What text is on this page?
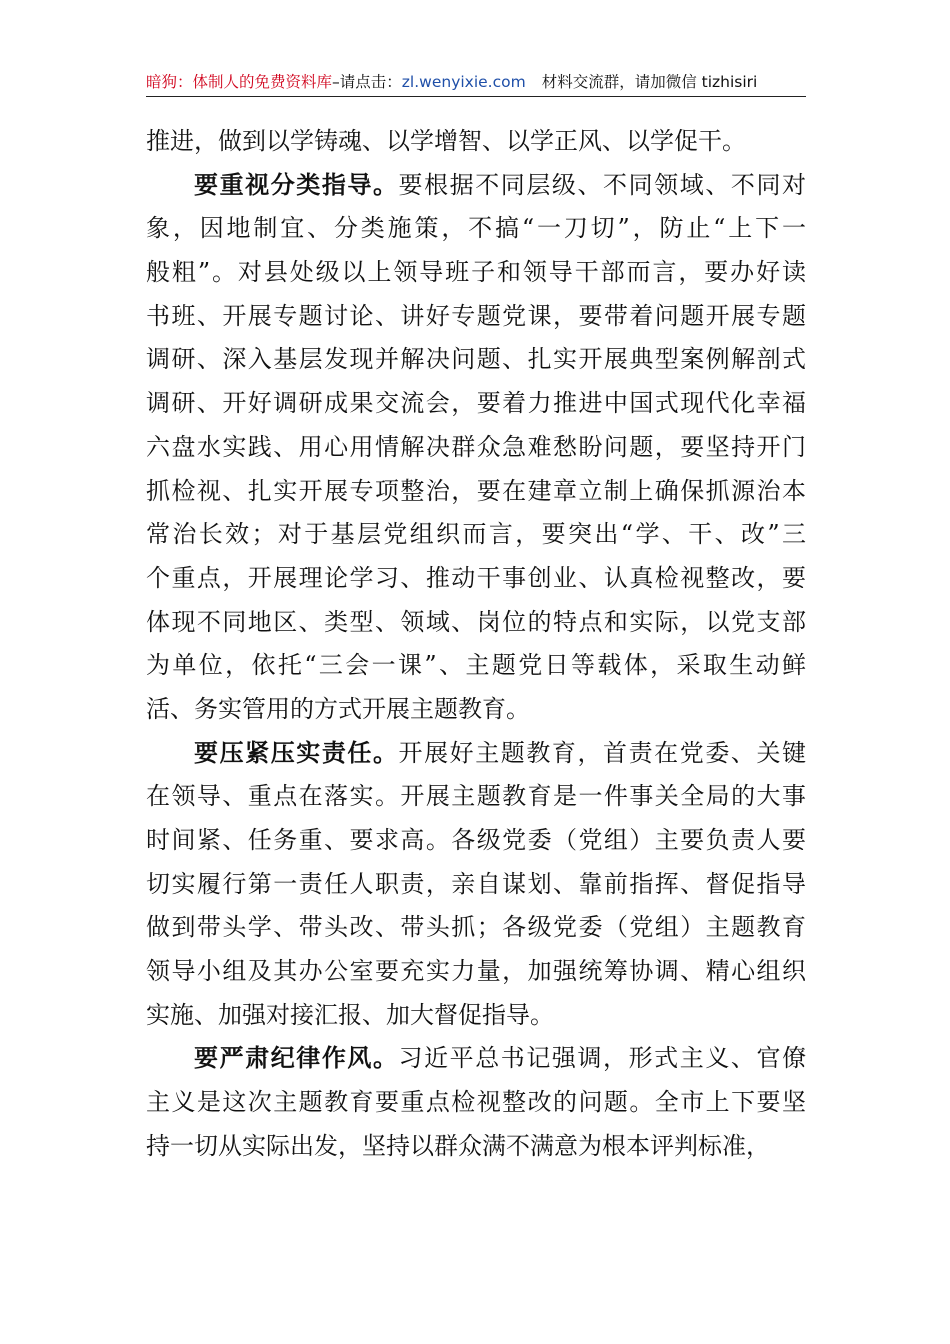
暗狗：体制人的免费资料库–请点击：zl.wenyixie.com 材料交流群，请加微信 tizhisiri
推进，做到以学铸魂、以学增智、以学正风、以学促干。
要重视分类指导。要根据不同层级、不同领域、不同对
象，因地制宜、分类施策，不搞“一刀切”，防止“上下一
般粗”。对县处级以上领导班子和领导干部而言，要办好读
书班、开展专题讨论、讲好专题党课，要带着问题开展专题
调研、深入基层发现并解决问题、扎实开展典型案例解剖式
调研、开好调研成果交流会，要着力推进中国式现代化幸福
六盘水实践、用心用情解决群众急难愁盼问题，要坚持开门
抓检视、扎实开展专项整治，要在建章立制上确保抓源治本
常治长效；对于基层党组织而言，要突出“学、干、改”三
个重点，开展理论学习、推动干事创业、认真检视整改，要
体现不同地区、类型、领域、岗位的特点和实际，以党支部
为单位，依托“三会一课”、主题党日等载体，采取生动鲜
活、务实管用的方式开展主题教育。
要压紧压实责任。开展好主题教育，首责在党委、关键
在领导、重点在落实。开展主题教育是一件事关全局的大事
时间紧、任务重、要求高。各级党委（党组）主要负责人要
切实履行第一责任人职责，亲自谋划、靠前指挥、督促指导
做到带头学、带头改、带头抓；各级党委（党组）主题教育
领导小组及其办公室要充实力量，加强统筹协调、精心组织
实施、加强对接汇报、加大督促指导。
要严肃纪律作风。习近平总书记强调，形式主义、官僚
主义是这次主题教育要重点检视整改的问题。全市上下要坚
持一切从实际出发，坚持以群众满不满意为根本评判标准，
